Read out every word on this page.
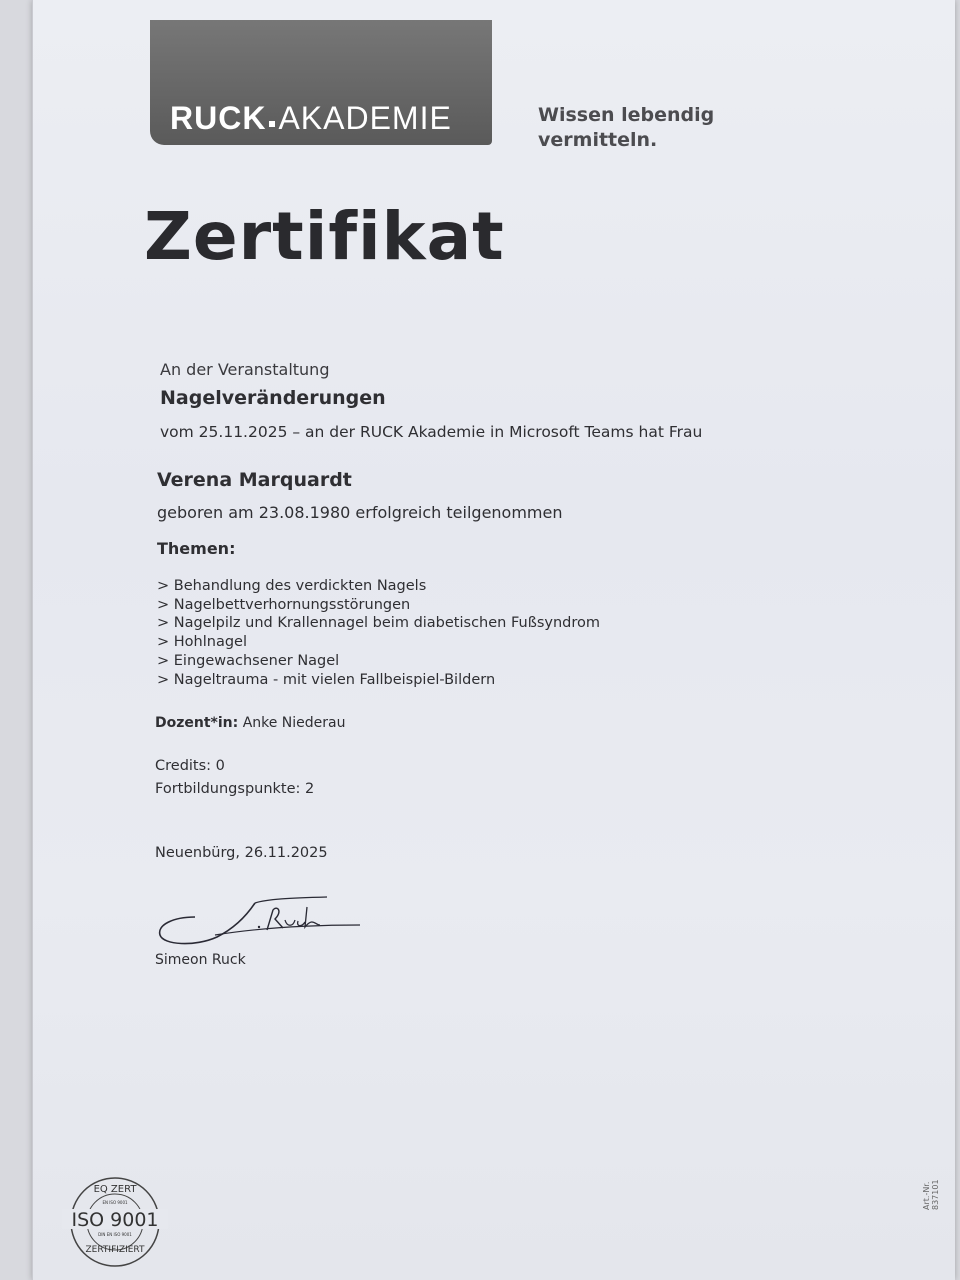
RUCK AKADEMIE	Wissen lebendig
vermitteln.
Zertifikat
An der Veranstaltung
Nagelveränderungen
vom 25.11.2025 – an der RUCK Akademie in Microsoft Teams hat Frau
Verena Marquardt
geboren am 23.08.1980 erfolgreich teilgenommen
Themen:
> Behandlung des verdickten Nagels
> Nagelbettverhornungsstörungen
> Nagelpilz und Krallennagel beim diabetischen Fußsyndrom
> Hohlnagel
> Eingewachsener Nagel
> Nageltrauma - mit vielen Fallbeispiel-Bildern
Dozent*in: Anke Niederau
Credits: 0
Fortbildungspunkte: 2
Neuenbürg, 26.11.2025
Simeon Ruck
EQ ZERT
EN ISO 9001
ISO 9001
DIN EN ISO 9001
ZERTIFIZIERT
Art.-Nr. 837101
